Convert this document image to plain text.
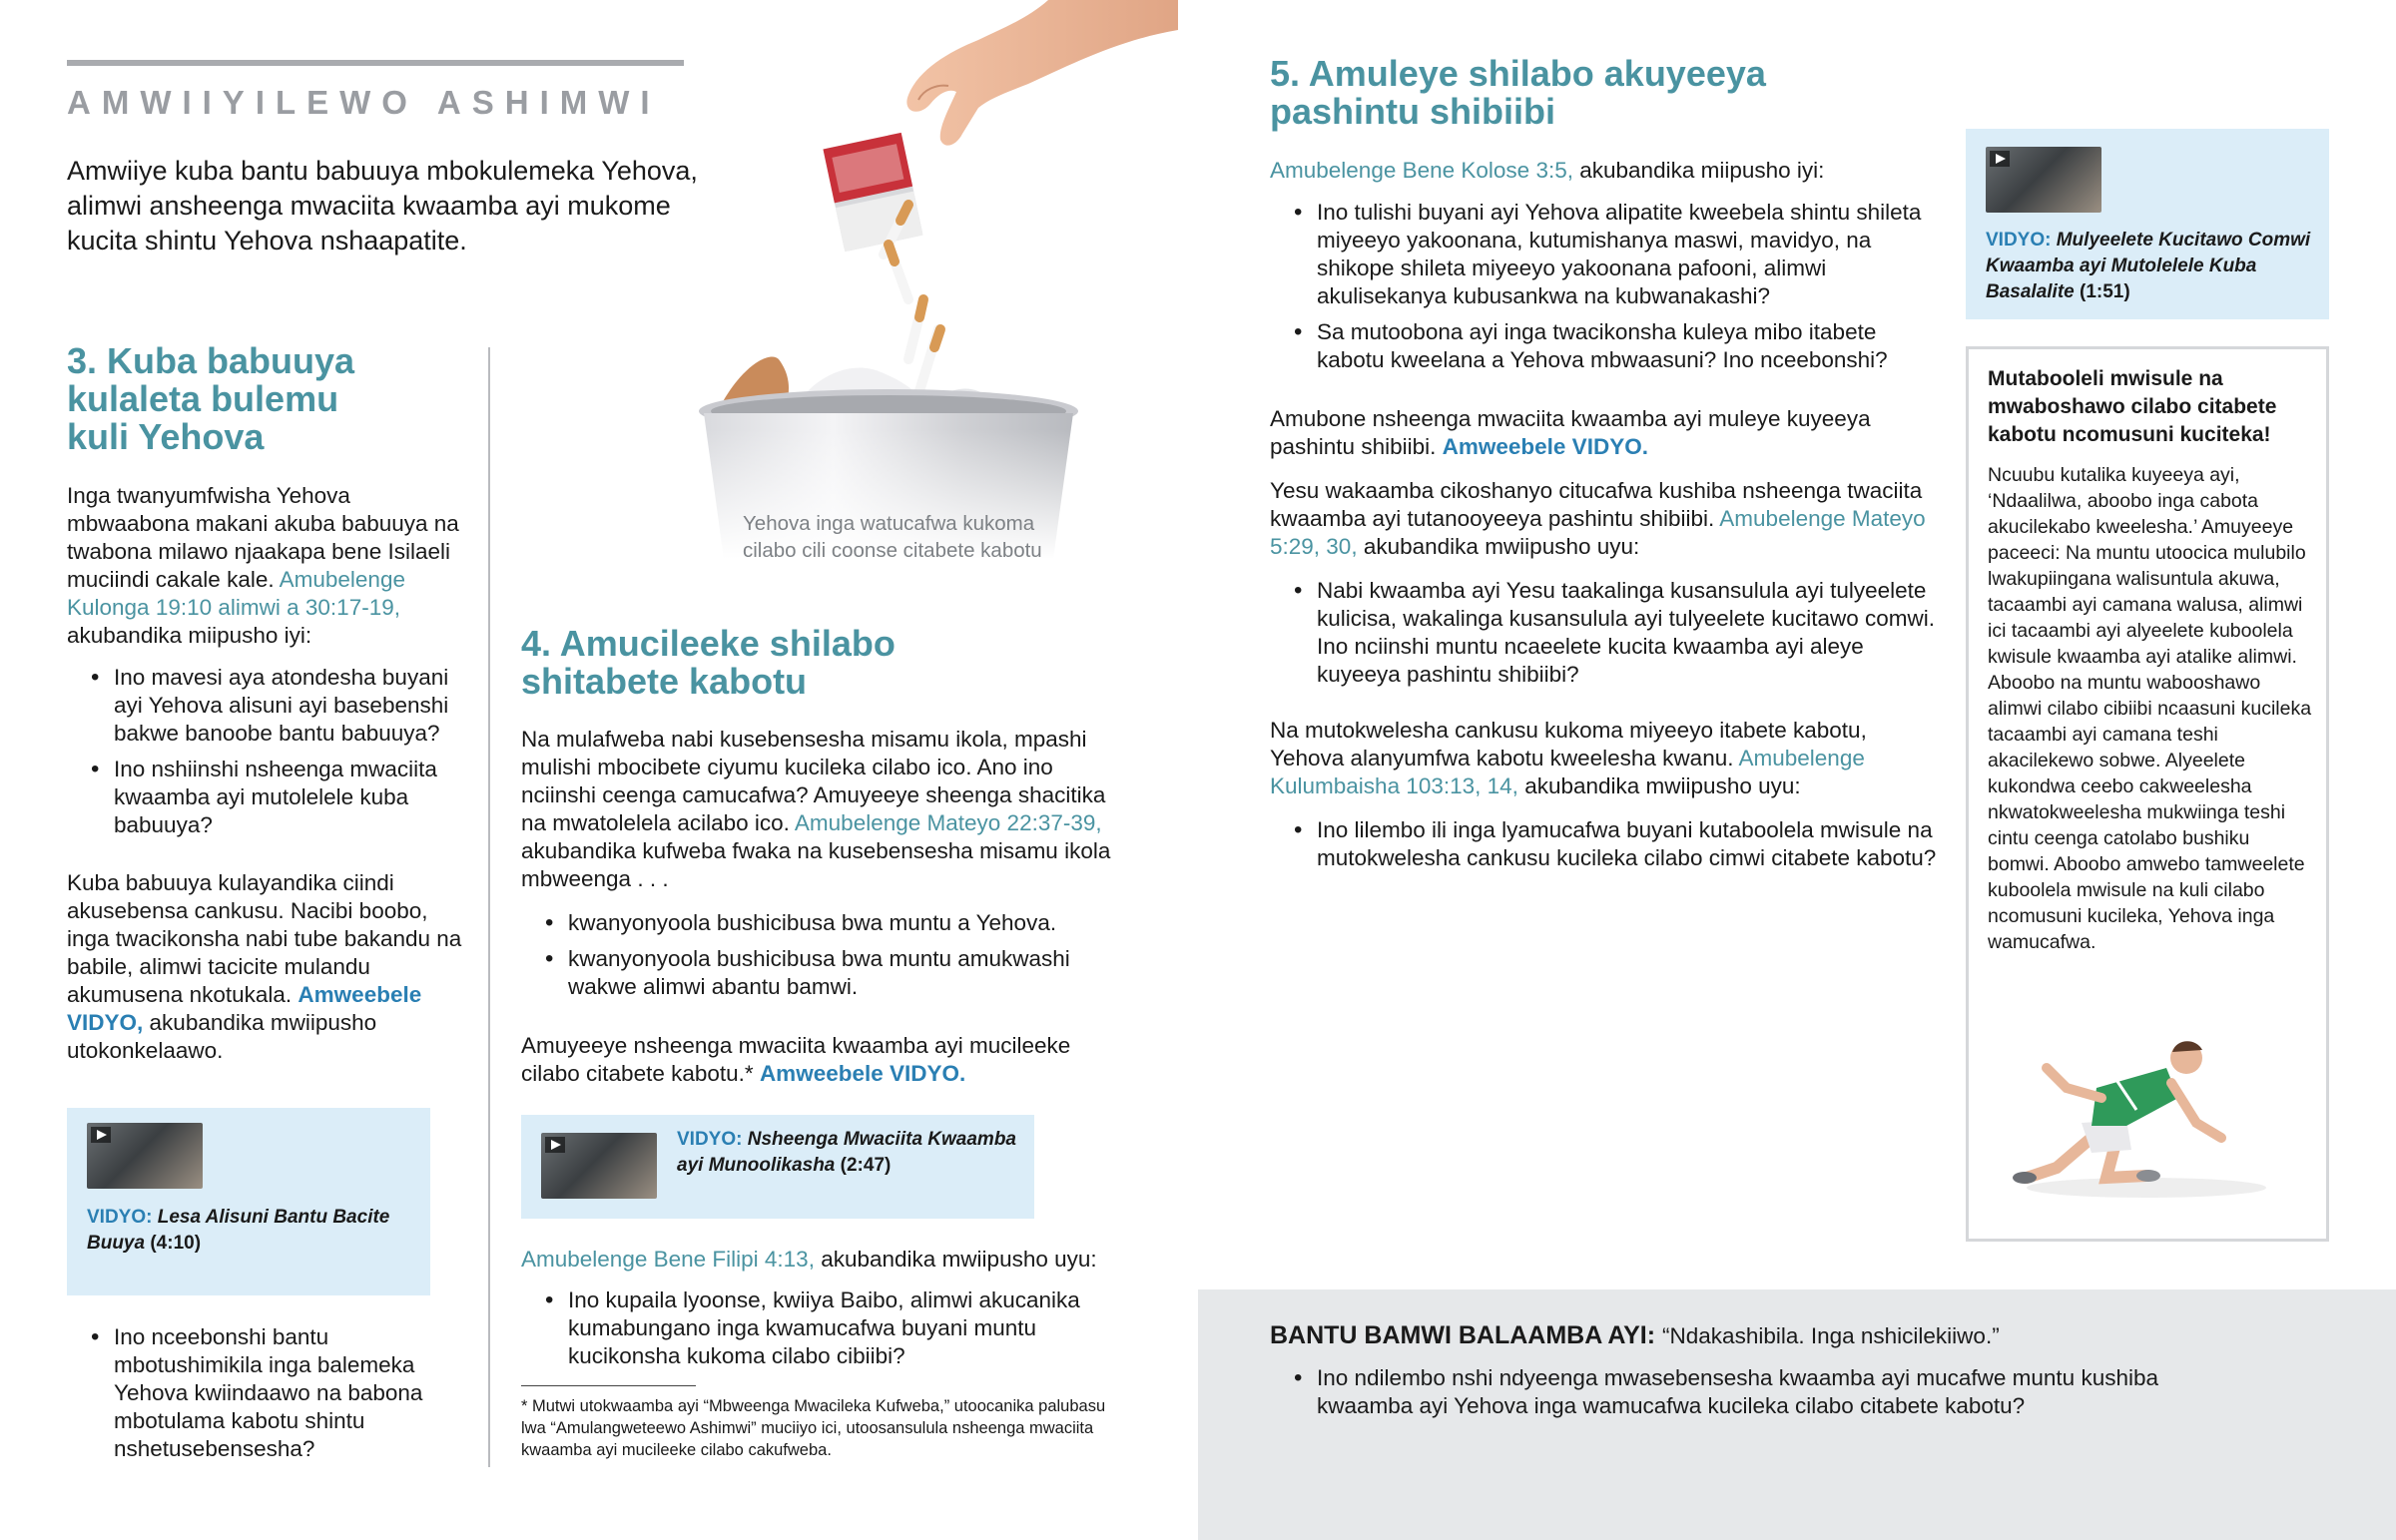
AMWIIYILEWO ASHIMWI
Amwiiye kuba bantu babuuya mbokulemeka Yehova, alimwi ansheenga mwaciita kwaamba ayi mukome kucita shintu Yehova nshaapatite.
Yehova inga watucafwa kukoma cilabo cili coonse citabete kabotu
3. Kuba babuuya kulaleta bulemu kuli Yehova

Inga twanyumfwisha Yehova mbwaabona makani akuba babuuya na twabona milawo njaakapa bene Isilaeli muciindi cakale kale. Amubelenge Kulonga 19:10 alimwi a 30:17-19, akubandika miipusho iyi:

• Ino mavesi aya atondesha buyani ayi Yehova alisuni ayi basebenshi bakwe banoobe bantu babuuya?
• Ino nshiinshi nsheenga mwaciita kwaamba ayi mutolelele kuba babuuya?

Kuba babuuya kulayandika ciindi akusebensa cankusu. Nacibi boobo, inga twacikonsha nabi tube bakandu na babile, alimwi tacicite mulandu akumusena nkotukala. Amweebele VIDYO, akubandika mwiipusho utokonkelaawo.

VIDYO: Lesa Alisuni Bantu Bacite Buuya (4:10)
• Ino nceebonshi bantu mbotushimikila inga balemeka Yehova kwiindaawo na babona mbotulama kabotu shintu nshetusebensesha?
4. Amucileeke shilabo shitabete kabotu

Na mulafweba nabi kusebensesha misamu ikola, mpashi mulishi mbocibete ciyumu kucileka cilabo ico. Ano ino nciinshi ceenga camucafwa? Amuyeeye sheenga shacitika na mwatolelela acilabo ico. Amubelenge Mateyo 22:37-39, akubandika kufweba fwaka na kusebensesha misamu ikola mbweenga . . .

• kwanyonyoola bushicibusa bwa muntu a Yehova.
• kwanyonyoola bushicibusa bwa muntu amukwashi wakwe alimwi abantu bamwi.

Amuyeeye nsheenga mwaciita kwaamba ayi mucileeke cilabo citabete kabotu.* Amweebele VIDYO.

VIDYO: Nsheenga Mwaciita Kwaamba ayi Munoolikasha (2:47)

Amubelenge Bene Filipi 4:13, akubandika mwiipusho uyu:

• Ino kupaila lyoonse, kwiiya Baibo, alimwi akucanika kumabungano inga kwamucafwa buyani muntu kucikonsha kukoma cilabo cibiibi?

* Mutwi utokwaamba ayi “Mbweenga Mwacileka Kufweba,” utoocanika palubasu lwa “Amulangweteewo Ashimwi” muciiyo ici, utoosansulula nsheenga mwaciita kwaamba ayi mucileeke cilabo cakufweba.

5. Amuleye shilabo akuyeeya pashintu shibiibi

Amubelenge Bene Kolose 3:5, akubandika miipusho iyi:

• Ino tulishi buyani ayi Yehova alipatite kweebela shintu shileta miyeeyo yakoonana, kutumishanya maswi, mavidyo, na shikope shileta miyeeyo yakoonana pafooni, alimwi akulisekanya kubusankwa na kubwanakashi?
• Sa mutoobona ayi inga twacikonsha kuleya mibo itabete kabotu kweelana a Yehova mbwaasuni? Ino nceebonshi?

Amubone nsheenga mwaciita kwaamba ayi muleye kuyeeya pashintu shibiibi. Amweebele VIDYO.

Yesu wakaamba cikoshanyo citucafwa kushiba nsheenga twaciita kwaamba ayi tutanooyeeya pashintu shibiibi. Amubelenge Mateyo 5:29, 30, akubandika mwiipusho uyu:

• Nabi kwaamba ayi Yesu taakalinga kusansulula ayi tulyeelete kulicisa, wakalinga kusansulula ayi tulyeelete kucitawo comwi. Ino nciinshi muntu ncaeelete kucita kwaamba ayi aleye kuyeeya pashintu shibiibi?

Na mutokwelesha cankusu kukoma miyeeyo itabete kabotu, Yehova alanyumfwa kabotu kweelesha kwanu. Amubelenge Kulumbaisha 103:13, 14, akubandika mwiipusho uyu:

• Ino lilembo ili inga lyamucafwa buyani kutaboolela mwisule na mutokwelesha cankusu kucileka cilabo cimwi citabete kabotu?
VIDYO: Mulyeelete Kucitawo Comwi Kwaamba ayi Mutolelele Kuba Basalalite (1:51)
Mutabooleli mwisule na mwaboshawo cilabo citabete kabotu ncomusuni kuciteka!
Ncuubu kutalika kuyeeya ayi, ‘Ndaalilwa, aboobo inga cabota akucilekabo kweelesha.’ Amuyeeye paceeci: Na muntu utoocica mulubilo lwakupiingana walisuntula akuwa, tacaambi ayi camana walusa, alimwi ici tacaambi ayi alyeelete kuboolela kwisule kwaamba ayi atalike alimwi. Aboobo na muntu wabooshawo alimwi cilabo cibiibi ncaasuni kucileka tacaambi ayi camana teshi akacilekewo sobwe. Alyeelete kukondwa ceebo cakweelesha nkwatokweelesha mukwiinga teshi cintu ceenga catolabo bushiku bomwi. Aboobo amwebo tamweelete kuboolela mwisule na kuli cilabo ncomusuni kucileka, Yehova inga wamucafwa.

BANTU BAMWI BALAAMBA AYI: “Ndakashibila. Inga nshicilekiiwo.”

• Ino ndilembo nshi ndyeenga mwasebensesha kwaamba ayi mucafwe muntu kushiba kwaamba ayi Yehova inga wamucafwa kucileka cilabo citabete kabotu?
